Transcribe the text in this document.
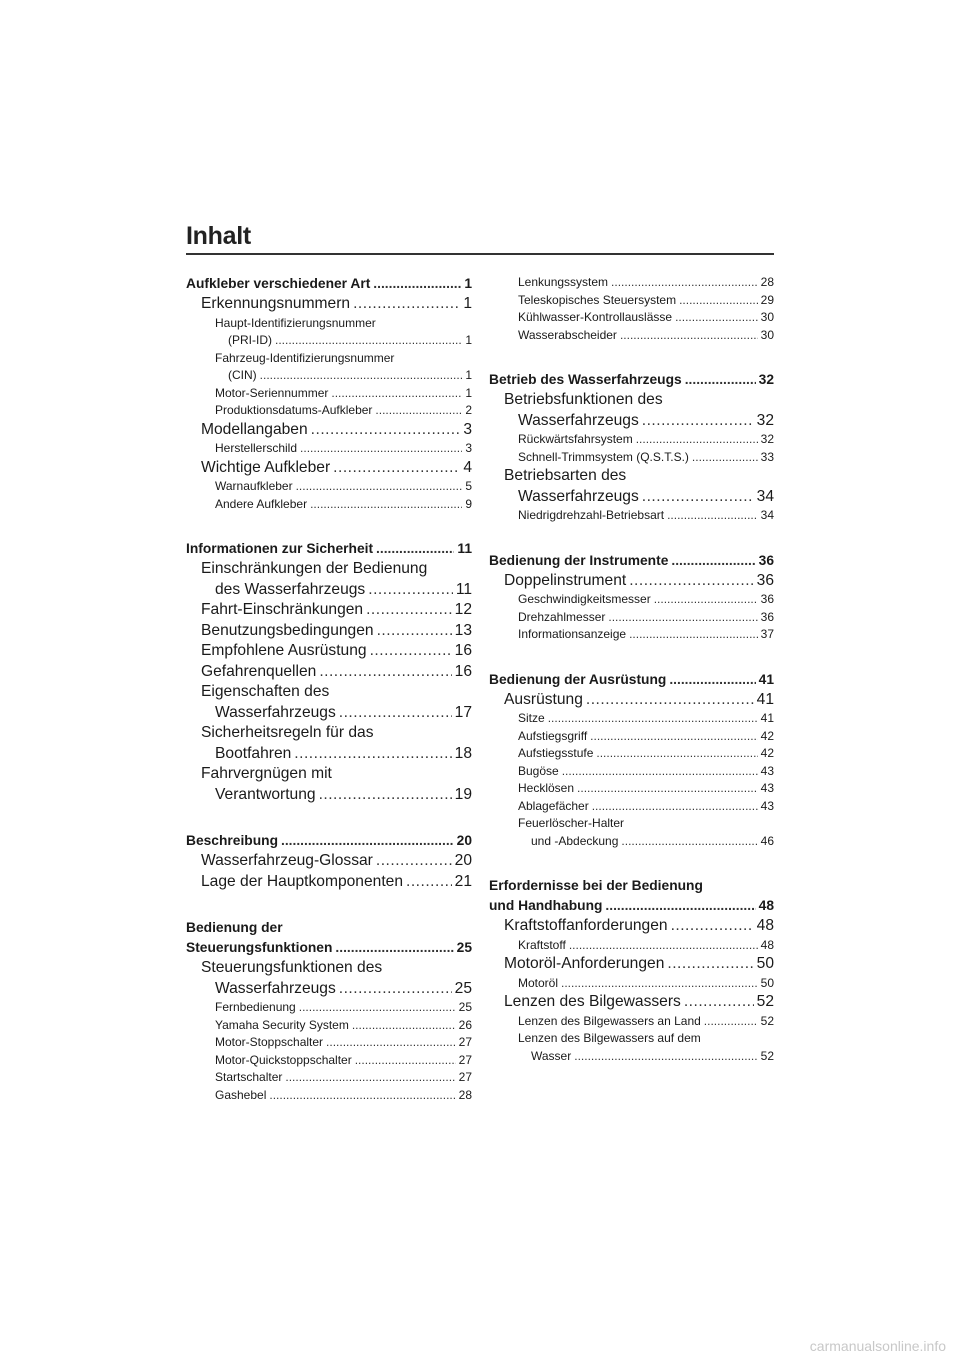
Inhalt
Aufkleber verschiedener Art .....	1
Erkennungsnummern .....	1
Haupt-Identifizierungsnummer
(PRI-ID) .....	1
Fahrzeug-Identifizierungsnummer
(CIN) .....	1
Motor-Seriennummer .....	1
Produktionsdatums-Aufkleber .....	2
Modellangaben .....	3
Herstellerschild .....	3
Wichtige Aufkleber .....	4
Warnaufkleber .....	5
Andere Aufkleber .....	9
Informationen zur Sicherheit .....	11
Einschränkungen der Bedienung
des Wasserfahrzeugs .....	11
Fahrt-Einschränkungen .....	12
Benutzungsbedingungen .....	13
Empfohlene Ausrüstung .....	16
Gefahrenquellen .....	16
Eigenschaften des
Wasserfahrzeugs .....	17
Sicherheitsregeln für das
Bootfahren .....	18
Fahrvergnügen mit
Verantwortung .....	19
Beschreibung .....	20
Wasserfahrzeug-Glossar .....	20
Lage der Hauptkomponenten .....	21
Bedienung der
Steuerungsfunktionen .....	25
Steuerungsfunktionen des
Wasserfahrzeugs .....	25
Fernbedienung .....	25
Yamaha Security System .....	26
Motor-Stoppschalter .....	27
Motor-Quickstoppschalter .....	27
Startschalter .....	27
Gashebel .....	28
Lenkungssystem .....	28
Teleskopisches Steuersystem .....	29
Kühlwasser-Kontrollauslässe .....	30
Wasserabscheider .....	30
Betrieb des Wasserfahrzeugs .....	32
Betriebsfunktionen des
Wasserfahrzeugs .....	32
Rückwärtsfahrsystem .....	32
Schnell-Trimmsystem (Q.S.T.S.) .....	33
Betriebsarten des
Wasserfahrzeugs .....	34
Niedrigdrehzahl-Betriebsart .....	34
Bedienung der Instrumente .....	36
Doppelinstrument .....	36
Geschwindigkeitsmesser .....	36
Drehzahlmesser .....	36
Informationsanzeige .....	37
Bedienung der Ausrüstung .....	41
Ausrüstung .....	41
Sitze .....	41
Aufstiegsgriff .....	42
Aufstiegsstufe .....	42
Bugöse .....	43
Hecklösen .....	43
Ablagefächer .....	43
Feuerlöscher-Halter
und -Abdeckung .....	46
Erfordernisse bei der Bedienung
und Handhabung .....	48
Kraftstoffanforderungen .....	48
Kraftstoff .....	48
Motoröl-Anforderungen .....	50
Motoröl .....	50
Lenzen des Bilgewassers .....	52
Lenzen des Bilgewassers an Land .....	52
Lenzen des Bilgewassers auf dem
Wasser .....	52
carmanualsonline.info
